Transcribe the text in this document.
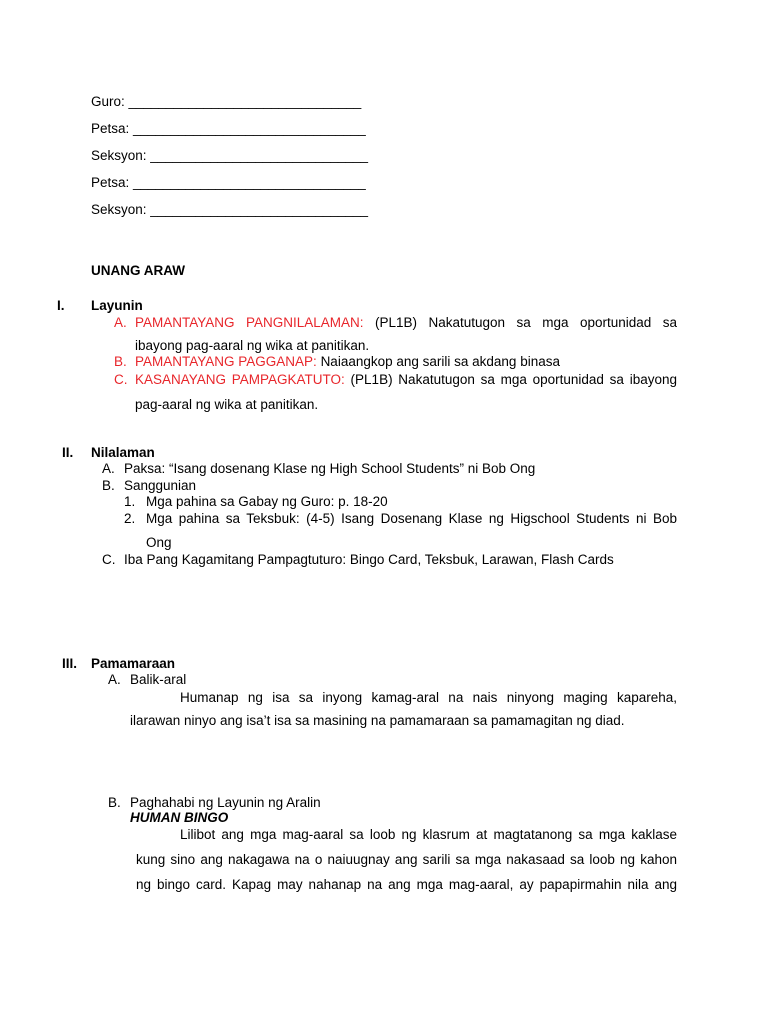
Guro: _______________________________
Petsa: _______________________________
Seksyon: _____________________________
Petsa: _______________________________
Seksyon: _____________________________
UNANG ARAW
I. Layunin
A. PAMANTAYANG PANGNILALAMAN: (PL1B) Nakatutugon sa mga oportunidad sa
ibayong pag-aaral ng wika at panitikan.
B. PAMANTAYANG PAGGANAP: Naiaangkop ang sarili sa akdang binasa
C. KASANAYANG PAMPAGKATUTO: (PL1B) Nakatutugon sa mga oportunidad sa ibayong
pag-aaral ng wika at panitikan.
II. Nilalaman
A. Paksa: “Isang dosenang Klase ng High School Students” ni Bob Ong
B. Sanggunian
1. Mga pahina sa Gabay ng Guro: p. 18-20
2. Mga pahina sa Teksbuk: (4-5) Isang Dosenang Klase ng Higschool Students ni Bob
Ong
C. Iba Pang Kagamitang Pampagtuturo: Bingo Card, Teksbuk, Larawan, Flash Cards
III. Pamamaraan
A. Balik-aral
Humanap ng isa sa inyong kamag-aral na nais ninyong maging kapareha,
ilarawan ninyo ang isa’t isa sa masining na pamamaraan sa pamamagitan ng diad.
B. Paghahabi ng Layunin ng Aralin
HUMAN BINGO
Lilibot ang mga mag-aaral sa loob ng klasrum at magtatanong sa mga kaklase
kung sino ang nakagawa na o naiuugnay ang sarili sa mga nakasaad sa loob ng kahon
ng bingo card. Kapag may nahanap na ang mga mag-aaral, ay papapirmahin nila ang
